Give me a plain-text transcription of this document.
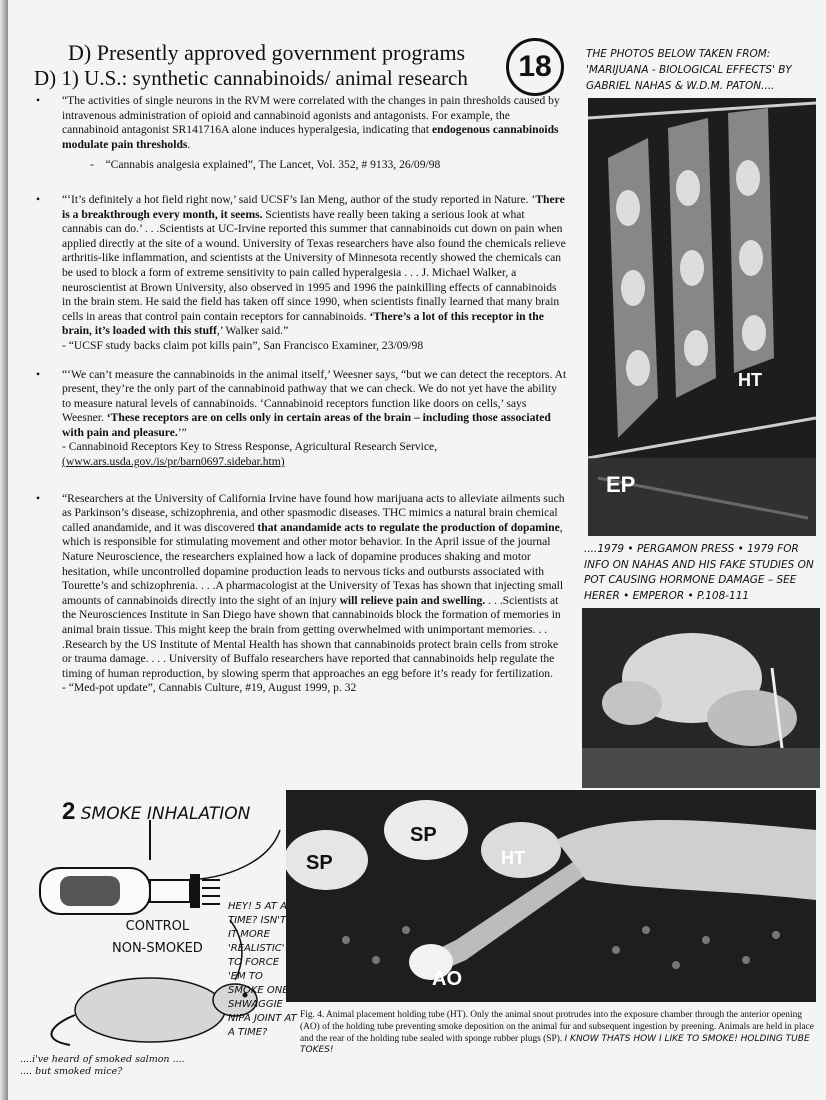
D) Presently approved government programs
D) 1) U.S.: synthetic cannabinoids/ animal research	18	THE PHOTOS BELOW TAKEN FROM: 'MARIJUANA - BIOLOGICAL EFFECTS' BY GABRIEL NAHAS & W.D.M. PATON....
• “The activities of single neurons in the RVM were correlated with the changes in pain thresholds caused by intravenous administration of opioid and cannabinoid agonists and antagonists. For example, the cannabinoid antagonist SR141716A alone induces hyperalgesia, indicating that endogenous cannabinoids modulate pain thresholds.

- “Cannabis analgesia explained”, The Lancet, Vol. 352, # 9133, 26/09/98
• “‘It’s definitely a hot field right now,’ said UCSF’s Ian Meng, author of the study reported in Nature. ‘There is a breakthrough every month, it seems. Scientists have really been taking a serious look at what cannabis can do.’ . . .Scientists at UC-Irvine reported this summer that cannabinoids cut down on pain when applied directly at the site of a wound. University of Texas researchers have also found the chemicals relieve arthritis-like inflammation, and scientists at the University of Minnesota recently showed the chemicals can be used to block a form of extreme sensitivity to pain called hyperalgesia . . . J. Michael Walker, a neuroscientist at Brown University, also observed in 1995 and 1996 the painkilling effects of cannabinoids in the brain stem. He said the field has taken off since 1990, when scientists finally learned that many brain cells in areas that control pain contain receptors for cannabinoids. ‘There’s a lot of this receptor in the brain, it’s loaded with this stuff,’ Walker said.”

- “UCSF study backs claim pot kills pain”, San Francisco Examiner, 23/09/98
• “‘We can’t measure the cannabinoids in the animal itself,’ Weesner says, “but we can detect the receptors. At present, they’re the only part of the cannabinoid pathway that we can check. We do not yet have the ability to measure natural levels of cannabinoids. ‘Cannabinoid receptors function like doors on cells,’ says Weesner. ‘These receptors are on cells only in certain areas of the brain – including those associated with pain and pleasure.’”

- Cannabinoid Receptors Key to Stress Response, Agricultural Research Service,
(www.ars.usda.gov./is/pr/barn0697.sidebar.htm)
• “Researchers at the University of California Irvine have found how marijuana acts to alleviate ailments such as Parkinson’s disease, schizophrenia, and other spasmodic diseases. THC mimics a natural brain chemical called anandamide, and it was discovered that anandamide acts to regulate the production of dopamine, which is responsible for stimulating movement and other motor behavior. In the April issue of the journal Nature Neuroscience, the researchers explained how a lack of dopamine produces shaking and motor hesitation, while uncontrolled dopamine production leads to nervous ticks and outbursts associated with Tourette’s and schizophrenia. . . .A pharmacologist at the University of Texas has shown that injecting small amounts of cannabinoids directly into the sight of an injury will relieve pain and swelling. . . .Scientists at the Neurosciences Institute in San Diego have shown that cannabinoids block the formation of memories in animal brain tissue. This might keep the brain from getting overwhelmed with unimportant memories. . . .Research by the US Institute of Mental Health has shown that cannabinoids protect brain cells from stroke or trauma damage. . . . University of Buffalo researchers have reported that cannabinoids help regulate the timing of human reproduction, by slowing sperm that approaches an egg before it’s ready for fertilization.

- “Med-pot update”, Cannabis Culture, #19, August 1999, p. 32
HT
EP
....1979 • PERGAMON PRESS • 1979 FOR INFO ON NAHAS AND HIS FAKE STUDIES ON POT CAUSING HORMONE DAMAGE – SEE HERER • EMPEROR • P.108-111
SP
SP
HT
AO
Fig. 4. Animal placement holding tube (HT). Only the animal snout protrudes into the exposure chamber through the anterior opening (AO) of the holding tube preventing smoke deposition on the animal fur and subsequent ingestion by preening. Animals are held in place and the rear of the holding tube sealed with sponge rubber plugs (SP). I KNOW THATS HOW I LIKE TO SMOKE! HOLDING TUBE TOKES!
2 SMOKE INHALATION
CONTROL
NON-SMOKED
HEY! 5 AT A TIME? ISN'T IT MORE 'REALISTIC' TO FORCE 'EM TO SMOKE ONE SHWAGGIE NIPA JOINT AT A TIME?
....i've heard of smoked salmon ....
.... but smoked mice?
